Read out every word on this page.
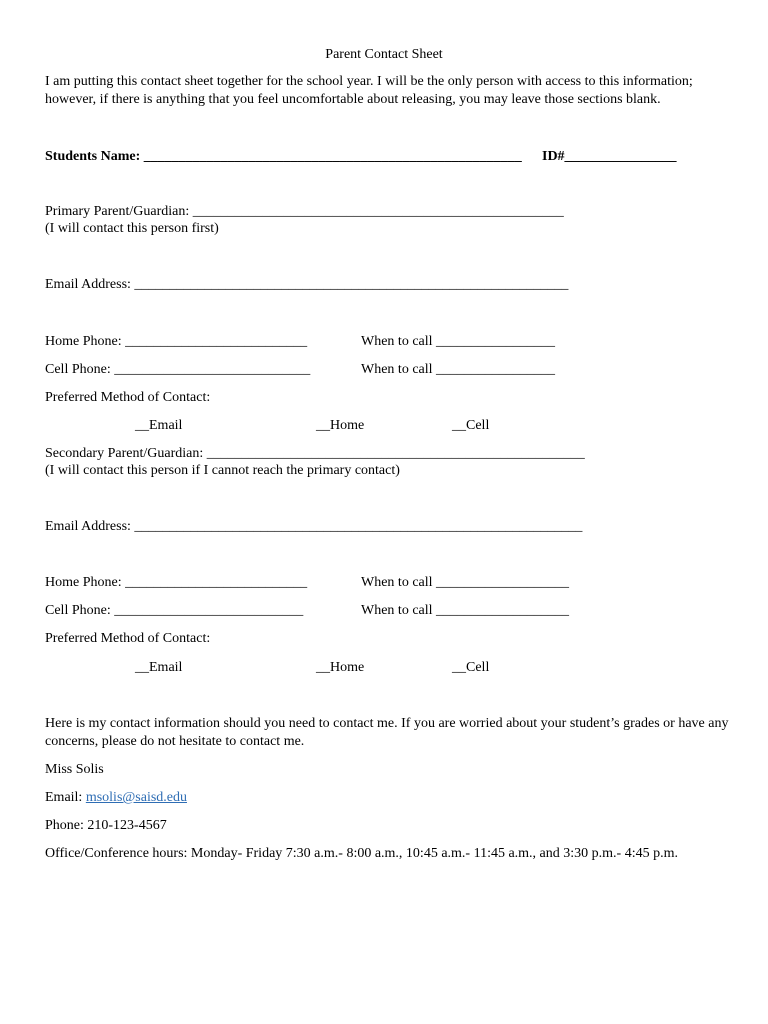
Parent Contact Sheet
I am putting this contact sheet together for the school year. I will be the only person with access to this information;
however, if there is anything that you feel uncomfortable about releasing, you may leave those sections blank.
Students Name: ______________________________________________________ ID#________________
Primary Parent/Guardian: _____________________________________________________
(I will contact this person first)
Email Address: ______________________________________________________________
Home Phone: __________________________	When to call _________________
Cell Phone: ____________________________	When to call _________________
Preferred Method of Contact:
__Email	__Home	__Cell
Secondary Parent/Guardian: ______________________________________________________
(I will contact this person if I cannot reach the primary contact)
Email Address: ________________________________________________________________
Home Phone: __________________________	When to call ___________________
Cell Phone: ___________________________	When to call ___________________
Preferred Method of Contact:
__Email	__Home	__Cell
Here is my contact information should you need to contact me. If you are worried about your student’s grades or have any
concerns, please do not hesitate to contact me.
Miss Solis
Email: msolis@saisd.edu
Phone: 210-123-4567
Office/Conference hours: Monday- Friday 7:30 a.m.- 8:00 a.m., 10:45 a.m.- 11:45 a.m., and 3:30 p.m.- 4:45 p.m.
